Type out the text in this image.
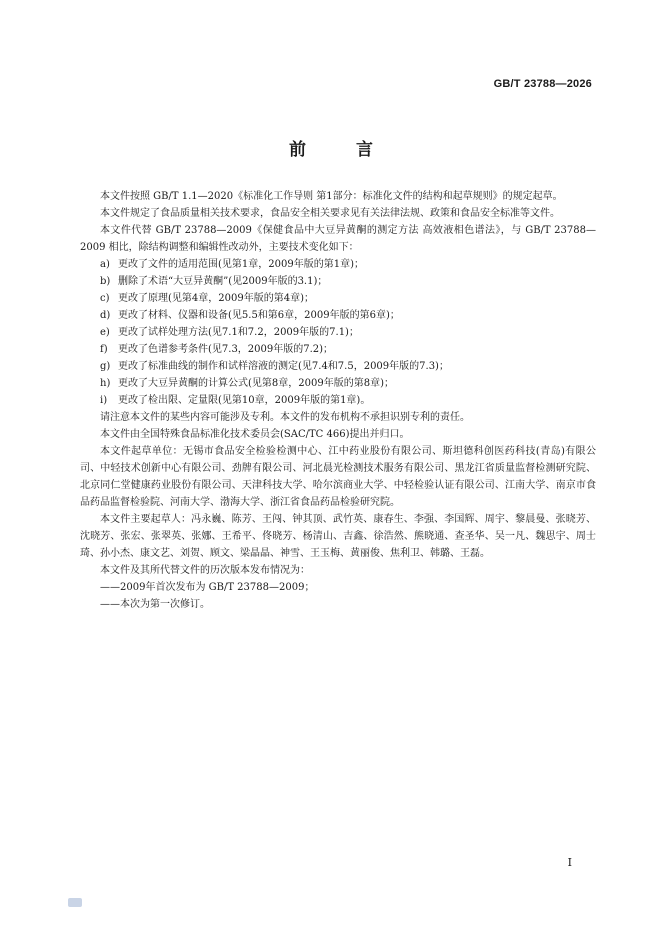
GB/T 23788—2026
前 言

本文件按照 GB/T 1.1—2020《标准化工作导则 第1部分：标准化文件的结构和起草规则》的规定起草。

本文件规定了食品质量相关技术要求，食品安全相关要求见有关法律法规、政策和食品安全标准等文件。

本文件代替 GB/T 23788—2009《保健食品中大豆异黄酮的测定方法 高效液相色谱法》，与 GB/T 23788—2009 相比，除结构调整和编辑性改动外，主要技术变化如下：

a) 更改了文件的适用范围(见第1章，2009年版的第1章)；
b) 删除了术语“大豆异黄酮”(见2009年版的3.1)；
c) 更改了原理(见第4章，2009年版的第4章)；
d) 更改了材料、仪器和设备(见5.5和第6章，2009年版的第6章)；
e) 更改了试样处理方法(见7.1和7.2，2009年版的7.1)；
f) 更改了色谱参考条件(见7.3，2009年版的7.2)；
g) 更改了标准曲线的制作和试样溶液的测定(见7.4和7.5，2009年版的7.3)；
h) 更改了大豆异黄酮的计算公式(见第8章，2009年版的第8章)；
i) 更改了检出限、定量限(见第10章，2009年版的第1章)。

请注意本文件的某些内容可能涉及专利。本文件的发布机构不承担识别专利的责任。

本文件由全国特殊食品标准化技术委员会(SAC/TC 466)提出并归口。

本文件起草单位：无锡市食品安全检验检测中心、江中药业股份有限公司、斯坦德科创医药科技(青岛)有限公司、中轻技术创新中心有限公司、劲牌有限公司、河北晨光检测技术服务有限公司、黑龙江省质量监督检测研究院、北京同仁堂健康药业股份有限公司、天津科技大学、哈尔滨商业大学、中轻检验认证有限公司、江南大学、南京市食品药品监督检验院、河南大学、渤海大学、浙江省食品药品检验研究院。

本文件主要起草人：冯永巍、陈芳、王闯、钟其顶、武竹英、康春生、李强、李国辉、周宇、黎晨曼、张晓芳、沈晓芳、张宏、张翠英、张娜、王希平、佟晓芳、杨清山、吉鑫、徐浩然、熊晓通、查圣华、吴一凡、魏思宇、周士琦、孙小杰、康文艺、刘贺、顾文、梁晶晶、神雪、王玉梅、黄丽俊、焦利卫、韩璐、王磊。

本文件及其所代替文件的历次版本发布情况为：

——2009年首次发布为 GB/T 23788—2009；
——本次为第一次修订。
I
